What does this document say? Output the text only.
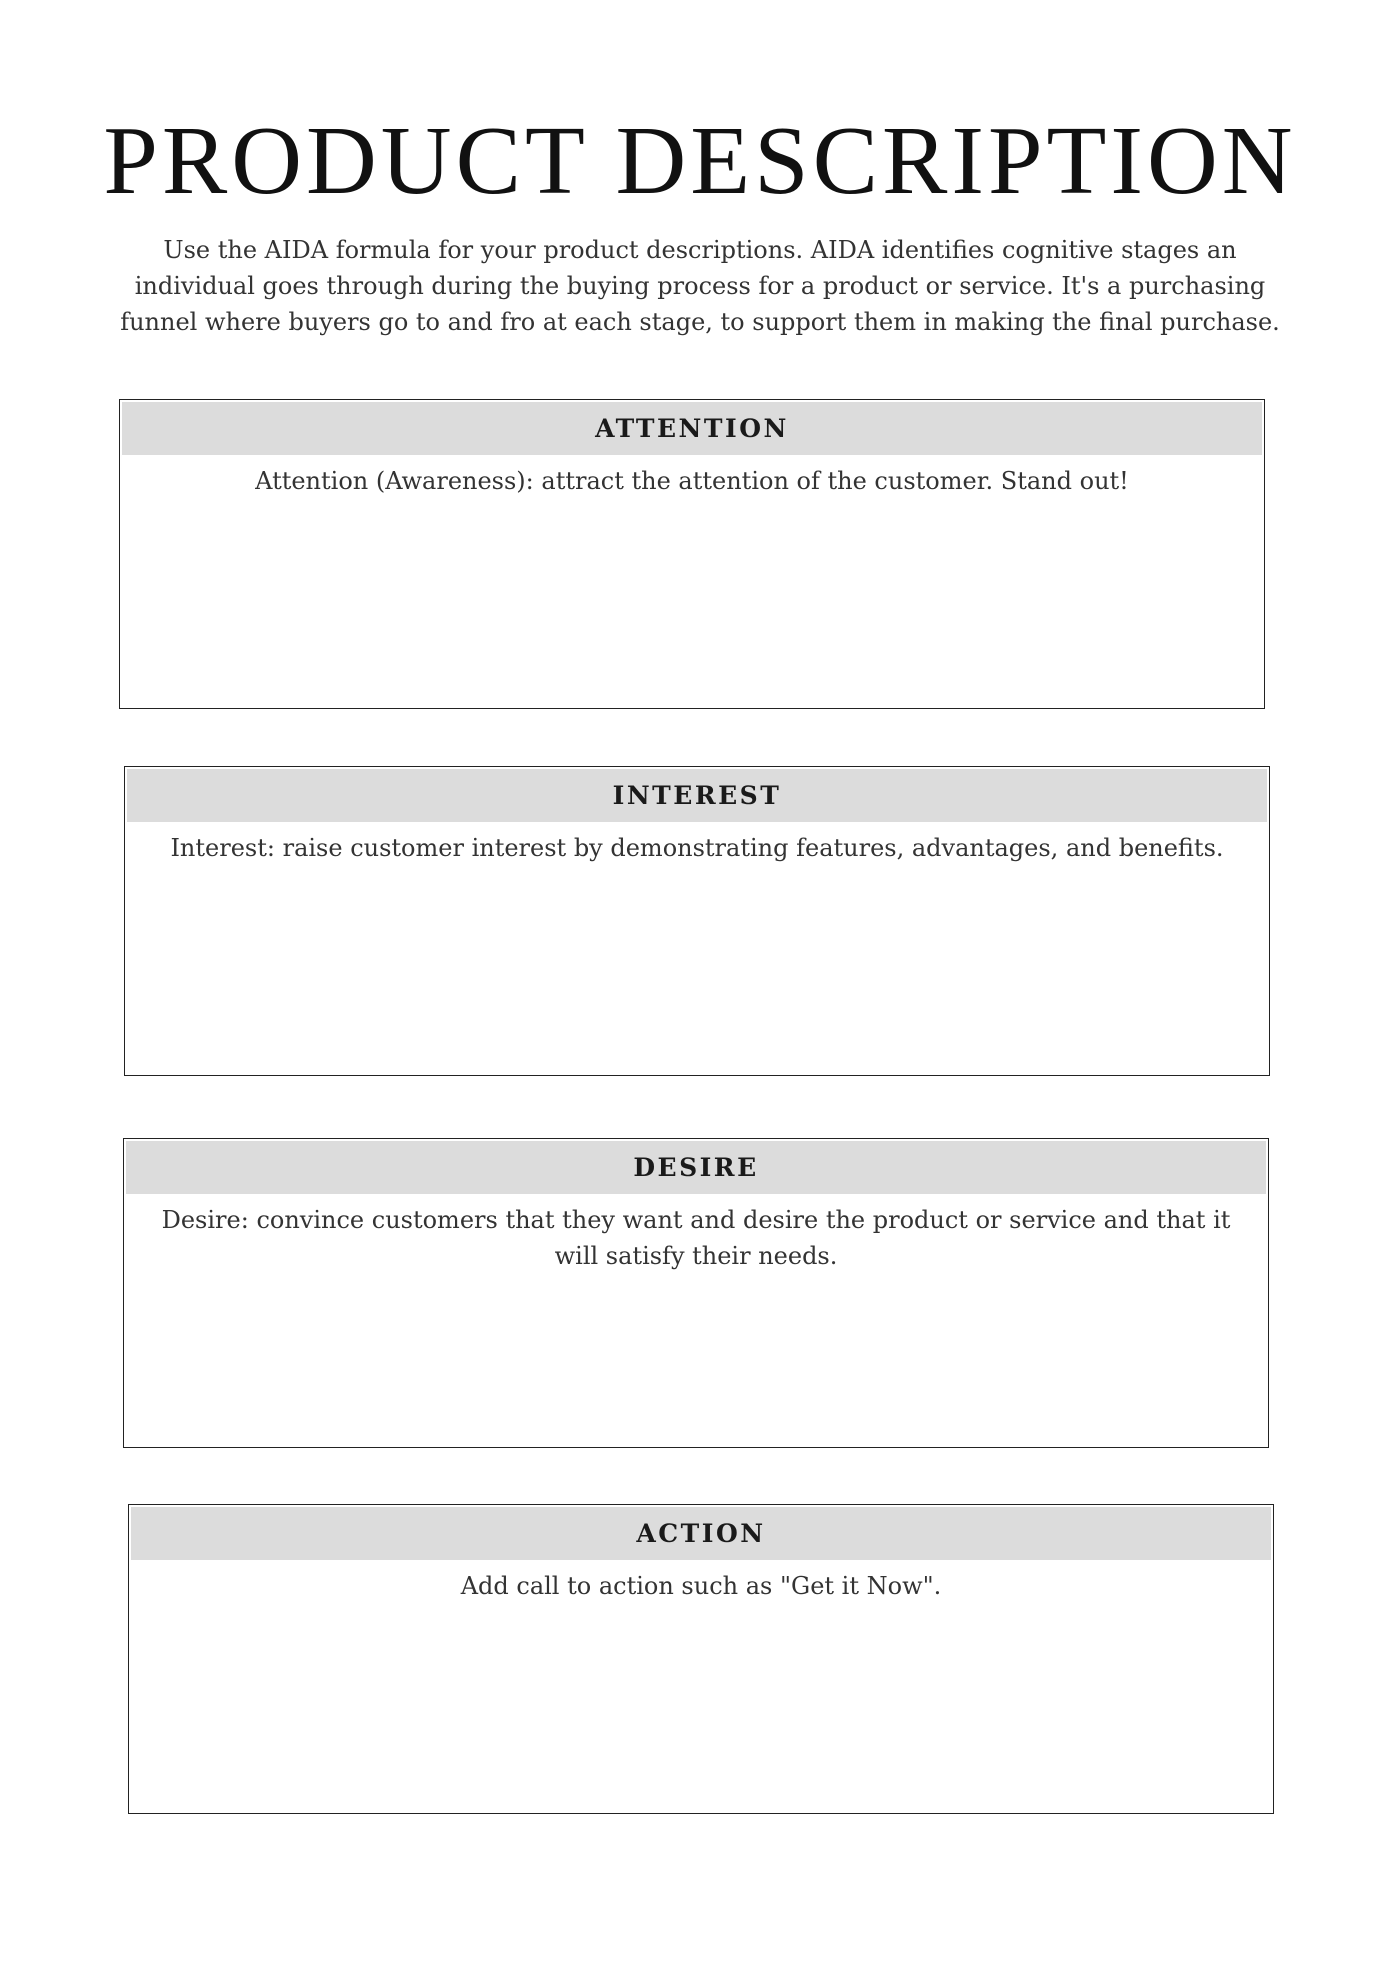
PRODUCT DESCRIPTION

Use the AIDA formula for your product descriptions. AIDA identifies cognitive stages an individual goes through during the buying process for a product or service. It's a purchasing funnel where buyers go to and fro at each stage, to support them in making the final purchase.

ATTENTION
Attention (Awareness): attract the attention of the customer. Stand out!
INTEREST
Interest: raise customer interest by demonstrating features, advantages, and benefits.
DESIRE
Desire: convince customers that they want and desire the product or service and that it will satisfy their needs.
ACTION
Add call to action such as "Get it Now".
